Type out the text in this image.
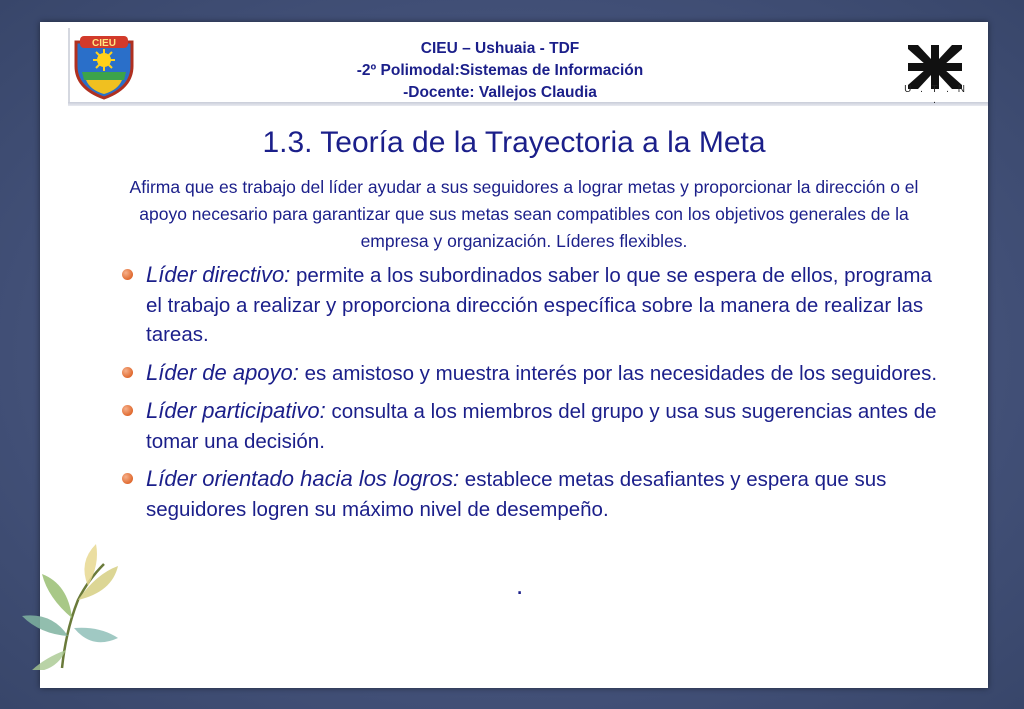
CIEU	CIEU – Ushuaia - TDF
-2º Polimodal:Sistemas de Información
-Docente: Vallejos Claudia	U . T . N .
1.3. Teoría de la Trayectoria a la Meta
Afirma que es trabajo del líder ayudar a sus seguidores a lograr metas y proporcionar la dirección o el apoyo necesario para garantizar que sus metas sean compatibles con los objetivos generales de la empresa y organización. Líderes flexibles.
Líder directivo: permite a los subordinados saber lo que se espera de ellos, programa el trabajo a realizar y proporciona dirección específica sobre la manera de realizar las tareas.
Líder de apoyo: es amistoso y muestra interés por las necesidades de los seguidores.
Líder participativo: consulta a los miembros del grupo y usa sus sugerencias antes de tomar una decisión.
Líder orientado hacia los logros: establece metas desafiantes y espera que sus seguidores logren su máximo nivel de desempeño.
.
